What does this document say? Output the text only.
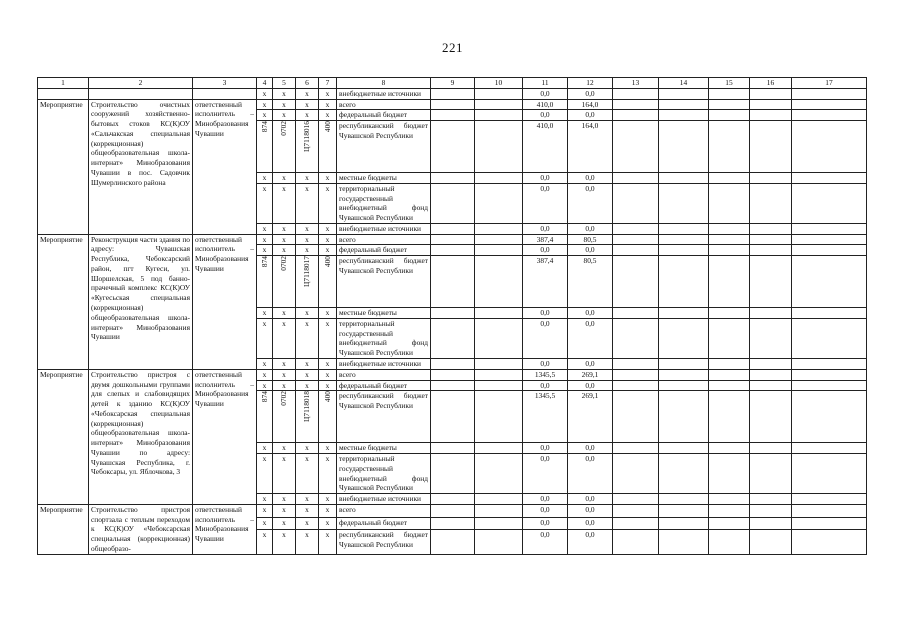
221
1	2	3	4	5	6	7	8	9	10	11	12	13	14	15	16	17
			х	х	х	х	внебюджетные источники			0,0	0,0					
Мероприятие	Строительство очистных сооружений хозяйственно-бытовых стоков КС(К)ОУ «Сальчакская специальная (коррекционная) общеобразовательная школа-интернат» Минобразования Чувашии в пос. Садовчик Шумерлинского района	ответственный исполнитель – Минобразования Чувашии	х	х	х	х	всего			410,0	164,0					
			х	х	х	х	федеральный бюджет			0,0	0,0					
			874	0702	Ц7118016	400	республиканский бюджет Чувашской Республики			410,0	164,0					
			х	х	х	х	местные бюджеты			0,0	0,0					
			х	х	х	х	территориальный государственный внебюджетный фонд Чувашской Республики			0,0	0,0					
			х	х	х	х	внебюджетные источники			0,0	0,0					
Мероприятие	Реконструкция части здания по адресу: Чувашская Республика, Чебоксарский район, пгт Кугеси, ул. Шоршелская, 5 под банно-прачечный комплекс КС(К)ОУ «Кугесьская специальная (коррекционная) общеобразовательная школа-интернат» Минобразования Чувашии	ответственный исполнитель – Минобразования Чувашии	х	х	х	х	всего			387,4	80,5					
			х	х	х	х	федеральный бюджет			0,0	0,0					
			874	0702	Ц7118017	400	республиканский бюджет Чувашской Республики			387,4	80,5					
			х	х	х	х	местные бюджеты			0,0	0,0					
			х	х	х	х	территориальный государственный внебюджетный фонд Чувашской Республики			0,0	0,0					
			х	х	х	х	внебюджетные источники			0,0	0,0					
Мероприятие	Строительство пристроя с двумя дошкольными группами для слепых и слабовидящих детей к зданию КС(К)ОУ «Чебоксарская специальная (коррекционная) общеобразовательная школа-интернат» Минобразования Чувашии по адресу: Чувашская Республика, г. Чебоксары, ул. Яблочкова, 3	ответственный исполнитель – Минобразования Чувашии	х	х	х	х	всего			1345,5	269,1					
			х	х	х	х	федеральный бюджет			0,0	0,0					
			874	0702	Ц7118018	400	республиканский бюджет Чувашской Республики			1345,5	269,1					
			х	х	х	х	местные бюджеты			0,0	0,0					
			х	х	х	х	территориальный государственный внебюджетный фонд Чувашской Республики			0,0	0,0					
			х	х	х	х	внебюджетные источники			0,0	0,0					
Мероприятие	Строительство пристроя спортзала с теплым переходом к КС(К)ОУ «Чебоксарская специальная (коррекционная) общеобразо-	ответственный исполнитель – Минобразования Чувашии	х	х	х	х	всего			0,0	0,0					
			х	х	х	х	федеральный бюджет			0,0	0,0					
			х	х	х	х	республиканский бюджет Чувашской Республики			0,0	0,0					
